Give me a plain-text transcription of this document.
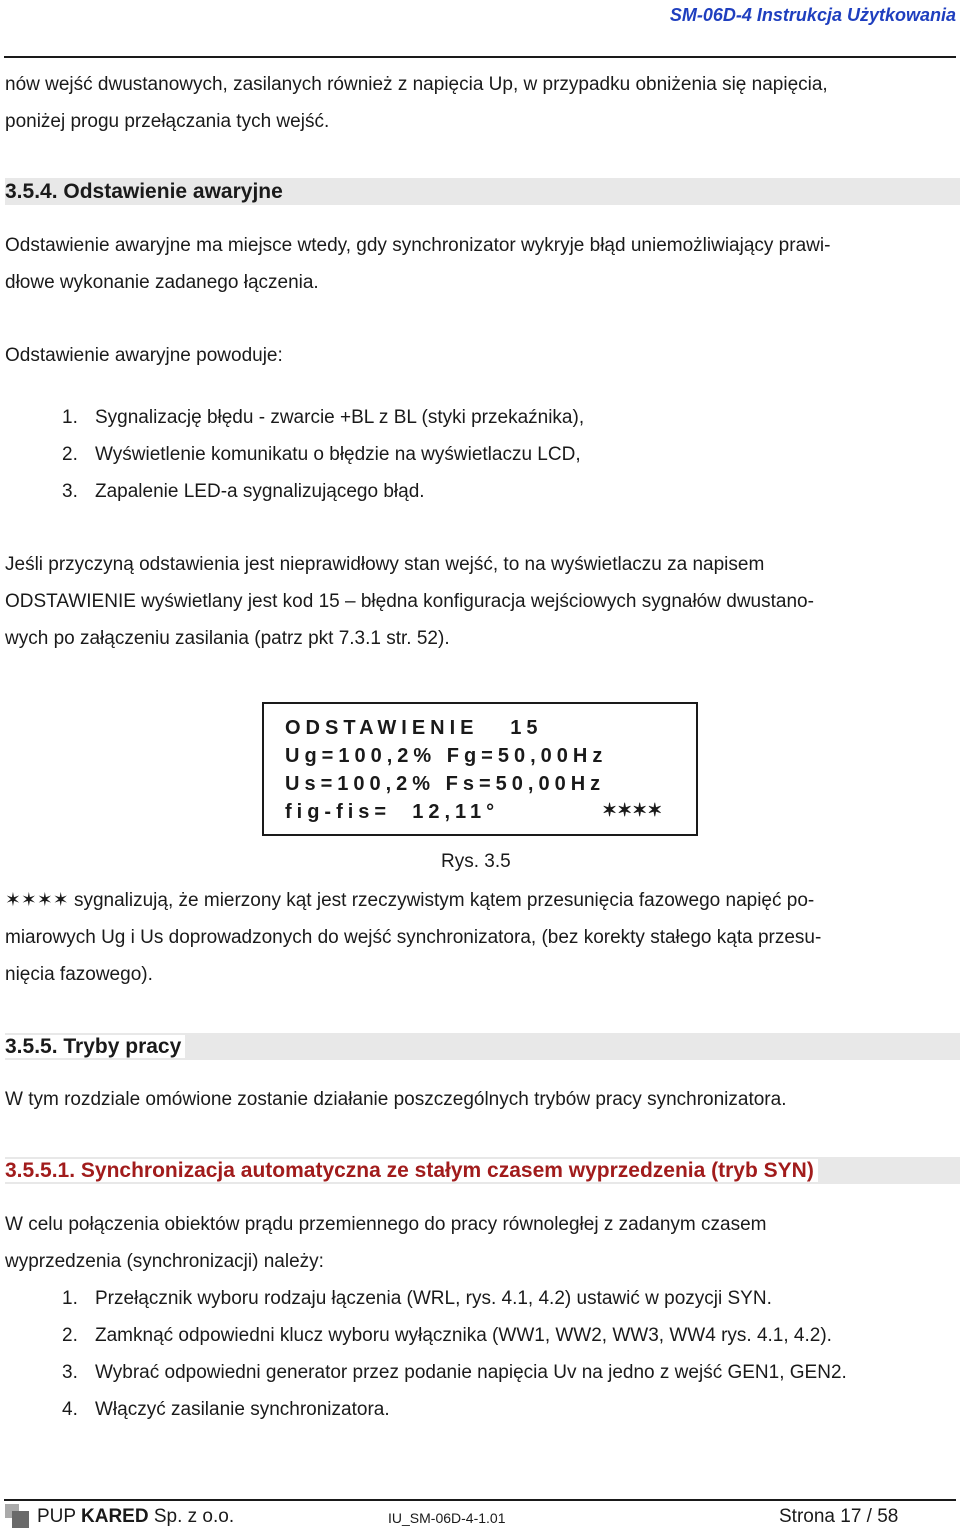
SM-06D-4 Instrukcja Użytkowania
nów wejść dwustanowych, zasilanych również z napięcia Up, w przypadku obniżenia się napięcia,
poniżej progu przełączania tych wejść.
3.5.4. Odstawienie awaryjne
Odstawienie awaryjne ma miejsce wtedy, gdy synchronizator wykryje błąd uniemożliwiający prawi-
dłowe wykonanie zadanego łączenia.
Odstawienie awaryjne powoduje:
1. Sygnalizację błędu - zwarcie +BL z BL (styki przekaźnika),
2. Wyświetlenie komunikatu o błędzie na wyświetlaczu LCD,
3. Zapalenie LED-a sygnalizującego błąd.
Jeśli przyczyną odstawienia jest nieprawidłowy stan wejść, to na wyświetlaczu za napisem
ODSTAWIENIE wyświetlany jest kod 15 – błędna konfiguracja wejściowych sygnałów dwustano-
wych po załączeniu zasilania (patrz pkt 7.3.1 str. 52).
ODSTAWIENIE   15
Ug=100,2% Fg=50,00Hz
Us=100,2% Fs=50,00Hz
fig-fis=  12,11°	✶✶✶✶
Rys. 3.5
✶✶✶✶ sygnalizują, że mierzony kąt jest rzeczywistym kątem przesunięcia fazowego napięć po-
miarowych Ug i Us doprowadzonych do wejść synchronizatora, (bez korekty stałego kąta przesu-
nięcia fazowego).
3.5.5. Tryby pracy
W tym rozdziale omówione zostanie działanie poszczególnych trybów pracy synchronizatora.
3.5.5.1. Synchronizacja automatyczna ze stałym czasem wyprzedzenia (tryb SYN)
W celu połączenia obiektów prądu przemiennego do pracy równoległej z zadanym czasem
wyprzedzenia (synchronizacji) należy:
1. Przełącznik wyboru rodzaju łączenia (WRL, rys. 4.1, 4.2) ustawić w pozycji SYN.
2. Zamknąć odpowiedni klucz wyboru wyłącznika (WW1, WW2, WW3, WW4 rys. 4.1, 4.2).
3. Wybrać odpowiedni generator przez podanie napięcia Uv na jedno z wejść GEN1, GEN2.
4. Włączyć zasilanie synchronizatora.
PUP KARED Sp. z o.o.	IU_SM-06D-4-1.01	Strona 17 / 58
